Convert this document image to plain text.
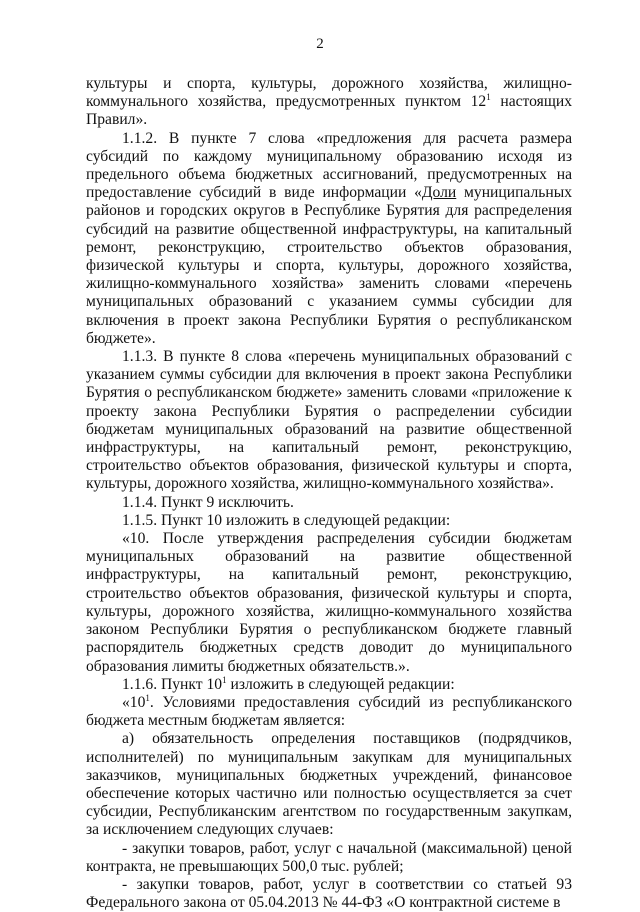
2

культуры и спорта, культуры, дорожного хозяйства, жилищно-коммунального хозяйства, предусмотренных пунктом $12^1$ настоящих Правил».

1.1.2. В пункте 7 слова «предложения для расчета размера субсидий по каждому муниципальному образованию исходя из предельного объема бюджетных ассигнований, предусмотренных на предоставление субсидий в виде информации «Доли муниципальных районов и городских округов в Республике Бурятия для распределения субсидий на развитие общественной инфраструктуры, на капитальный ремонт, реконструкцию, строительство объектов образования, физической культуры и спорта, культуры, дорожного хозяйства, жилищно-коммунального хозяйства» заменить словами «перечень муниципальных образований с указанием суммы субсидии для включения в проект закона Республики Бурятия о республиканском бюджете».

1.1.3. В пункте 8 слова «перечень муниципальных образований с указанием суммы субсидии для включения в проект закона Республики Бурятия о республиканском бюджете» заменить словами «приложение к проекту закона Республики Бурятия о распределении субсидии бюджетам муниципальных образований на развитие общественной инфраструктуры, на капитальный ремонт, реконструкцию, строительство объектов образования, физической культуры и спорта, культуры, дорожного хозяйства, жилищно-коммунального хозяйства».

1.1.4. Пункт 9 исключить.

1.1.5. Пункт 10 изложить в следующей редакции:

«10. После утверждения распределения субсидии бюджетам муниципальных образований на развитие общественной инфраструктуры, на капитальный ремонт, реконструкцию, строительство объектов образования, физической культуры и спорта, культуры, дорожного хозяйства, жилищно-коммунального хозяйства законом Республики Бурятия о республиканском бюджете главный распорядитель бюджетных средств доводит до муниципального образования лимиты бюджетных обязательств.».

1.1.6. Пункт $10^1$ изложить в следующей редакции:

«$10^1$. Условиями предоставления субсидий из республиканского бюджета местным бюджетам является:

а) обязательность определения поставщиков (подрядчиков, исполнителей) по муниципальным закупкам для муниципальных заказчиков, муниципальных бюджетных учреждений, финансовое обеспечение которых частично или полностью осуществляется за счет субсидии, Республиканским агентством по государственным закупкам, за исключением следующих случаев:

- закупки товаров, работ, услуг с начальной (максимальной) ценой контракта, не превышающих 500,0 тыс. рублей;

- закупки товаров, работ, услуг в соответствии со статьей 93 Федерального закона от 05.04.2013 № 44-ФЗ «О контрактной системе в
